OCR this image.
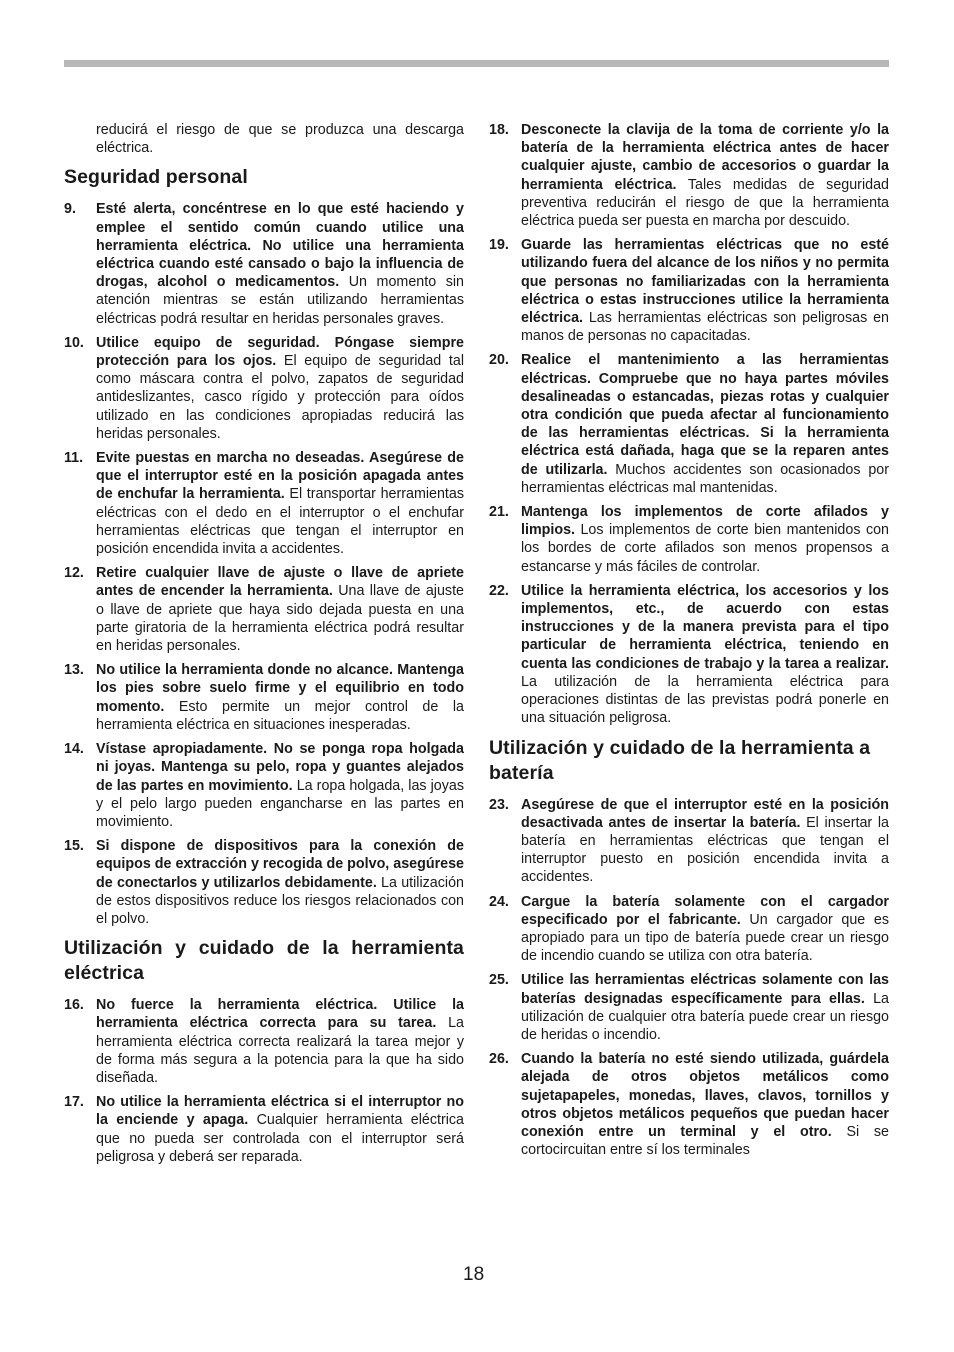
reducirá el riesgo de que se produzca una descarga eléctrica.

Seguridad personal

9. Esté alerta, concéntrese en lo que esté haciendo y emplee el sentido común cuando utilice una herramienta eléctrica. No utilice una herramienta eléctrica cuando esté cansado o bajo la influencia de drogas, alcohol o medicamentos. Un momento sin atención mientras se están utilizando herramientas eléctricas podrá resultar en heridas personales graves.

10. Utilice equipo de seguridad. Póngase siempre protección para los ojos. El equipo de seguridad tal como máscara contra el polvo, zapatos de seguridad antideslizantes, casco rígido y protección para oídos utilizado en las condiciones apropiadas reducirá las heridas personales.

11. Evite puestas en marcha no deseadas. Asegúrese de que el interruptor esté en la posición apagada antes de enchufar la herramienta. El transportar herramientas eléctricas con el dedo en el interruptor o el enchufar herramientas eléctricas que tengan el interruptor en posición encendida invita a accidentes.

12. Retire cualquier llave de ajuste o llave de apriete antes de encender la herramienta. Una llave de ajuste o llave de apriete que haya sido dejada puesta en una parte giratoria de la herramienta eléctrica podrá resultar en heridas personales.

13. No utilice la herramienta donde no alcance. Mantenga los pies sobre suelo firme y el equilibrio en todo momento. Esto permite un mejor control de la herramienta eléctrica en situaciones inesperadas.

14. Vístase apropiadamente. No se ponga ropa holgada ni joyas. Mantenga su pelo, ropa y guantes alejados de las partes en movimiento. La ropa holgada, las joyas y el pelo largo pueden engancharse en las partes en movimiento.

15. Si dispone de dispositivos para la conexión de equipos de extracción y recogida de polvo, asegúrese de conectarlos y utilizarlos debidamente. La utilización de estos dispositivos reduce los riesgos relacionados con el polvo.

Utilización y cuidado de la herramienta eléctrica

16. No fuerce la herramienta eléctrica. Utilice la herramienta eléctrica correcta para su tarea. La herramienta eléctrica correcta realizará la tarea mejor y de forma más segura a la potencia para la que ha sido diseñada.

17. No utilice la herramienta eléctrica si el interruptor no la enciende y apaga. Cualquier herramienta eléctrica que no pueda ser controlada con el interruptor será peligrosa y deberá ser reparada.

18. Desconecte la clavija de la toma de corriente y/o la batería de la herramienta eléctrica antes de hacer cualquier ajuste, cambio de accesorios o guardar la herramienta eléctrica. Tales medidas de seguridad preventiva reducirán el riesgo de que la herramienta eléctrica pueda ser puesta en marcha por descuido.

19. Guarde las herramientas eléctricas que no esté utilizando fuera del alcance de los niños y no permita que personas no familiarizadas con la herramienta eléctrica o estas instrucciones utilice la herramienta eléctrica. Las herramientas eléctricas son peligrosas en manos de personas no capacitadas.

20. Realice el mantenimiento a las herramientas eléctricas. Compruebe que no haya partes móviles desalineadas o estancadas, piezas rotas y cualquier otra condición que pueda afectar al funcionamiento de las herramientas eléctricas. Si la herramienta eléctrica está dañada, haga que se la reparen antes de utilizarla. Muchos accidentes son ocasionados por herramientas eléctricas mal mantenidas.

21. Mantenga los implementos de corte afilados y limpios. Los implementos de corte bien mantenidos con los bordes de corte afilados son menos propensos a estancarse y más fáciles de controlar.

22. Utilice la herramienta eléctrica, los accesorios y los implementos, etc., de acuerdo con estas instrucciones y de la manera prevista para el tipo particular de herramienta eléctrica, teniendo en cuenta las condiciones de trabajo y la tarea a realizar. La utilización de la herramienta eléctrica para operaciones distintas de las previstas podrá ponerle en una situación peligrosa.

Utilización y cuidado de la herramienta a batería

23. Asegúrese de que el interruptor esté en la posición desactivada antes de insertar la batería. El insertar la batería en herramientas eléctricas que tengan el interruptor puesto en posición encendida invita a accidentes.

24. Cargue la batería solamente con el cargador especificado por el fabricante. Un cargador que es apropiado para un tipo de batería puede crear un riesgo de incendio cuando se utiliza con otra batería.

25. Utilice las herramientas eléctricas solamente con las baterías designadas específicamente para ellas. La utilización de cualquier otra batería puede crear un riesgo de heridas o incendio.

26. Cuando la batería no esté siendo utilizada, guárdela alejada de otros objetos metálicos como sujetapapeles, monedas, llaves, clavos, tornillos y otros objetos metálicos pequeños que puedan hacer conexión entre un terminal y el otro. Si se cortocircuitan entre sí los terminales

18
